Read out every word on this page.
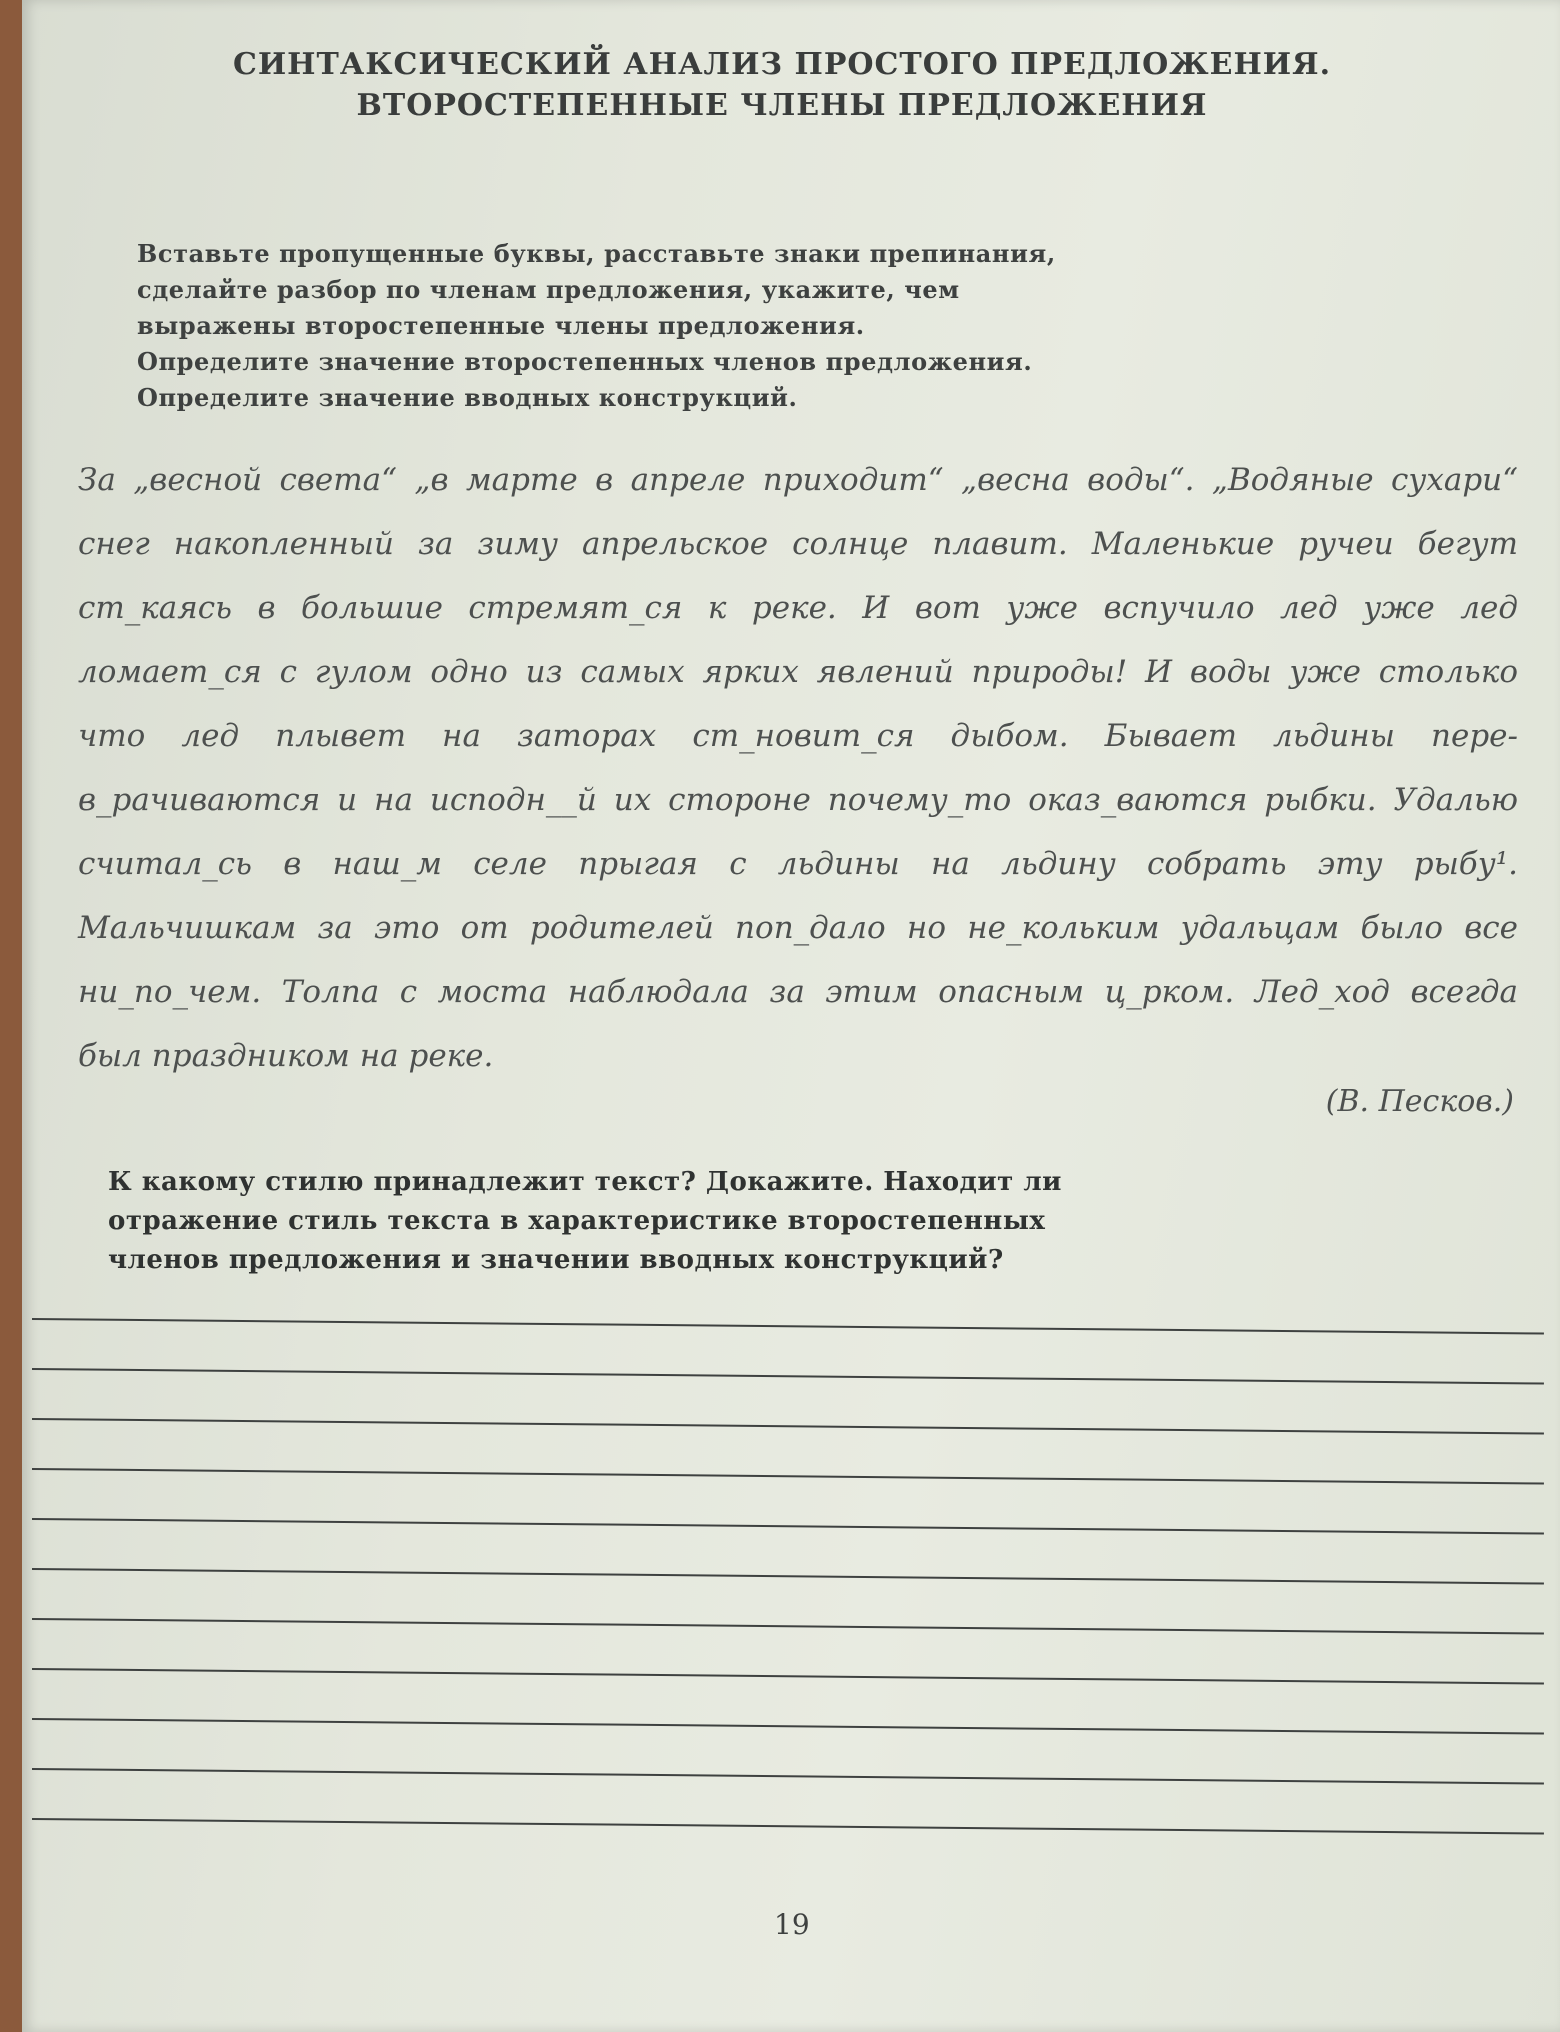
СИНТАКСИЧЕСКИЙ АНАЛИЗ ПРОСТОГО ПРЕДЛОЖЕНИЯ.
ВТОРОСТЕПЕННЫЕ ЧЛЕНЫ ПРЕДЛОЖЕНИЯ
Вставьте пропущенные буквы, расставьте знаки препинания,
сделайте разбор по членам предложения, укажите, чем
выражены второстепенные члены предложения.
Определите значение второстепенных членов предложения.
Определите значение вводных конструкций.
За „весной света“ „в марте в апреле приходит“ „весна воды“. „Водяные сухари“
снег накопленный за зиму апрельское солнце плавит. Маленькие ручеи бегут
ст_каясь в большие стремят_ся к реке. И вот уже вспучило лед уже лед
ломает_ся с гулом одно из самых ярких явлений природы! И воды уже столько
что лед плывет на заторах ст_новит_ся дыбом. Бывает льдины пере-
в_рачиваются и на исподн__й их стороне почему_то оказ_ваются рыбки. Удалью
считал_сь в наш_м селе прыгая с льдины на льдину собрать эту рыбу¹.
Мальчишкам за это от родителей поп_дало но не_кольким удальцам было все
ни_по_чем. Толпа с моста наблюдала за этим опасным ц_рком. Лед_ход всегда
был праздником на реке.
(В. Песков.)
К какому стилю принадлежит текст? Докажите. Находит ли
отражение стиль текста в характеристике второстепенных
членов предложения и значении вводных конструкций?
19
